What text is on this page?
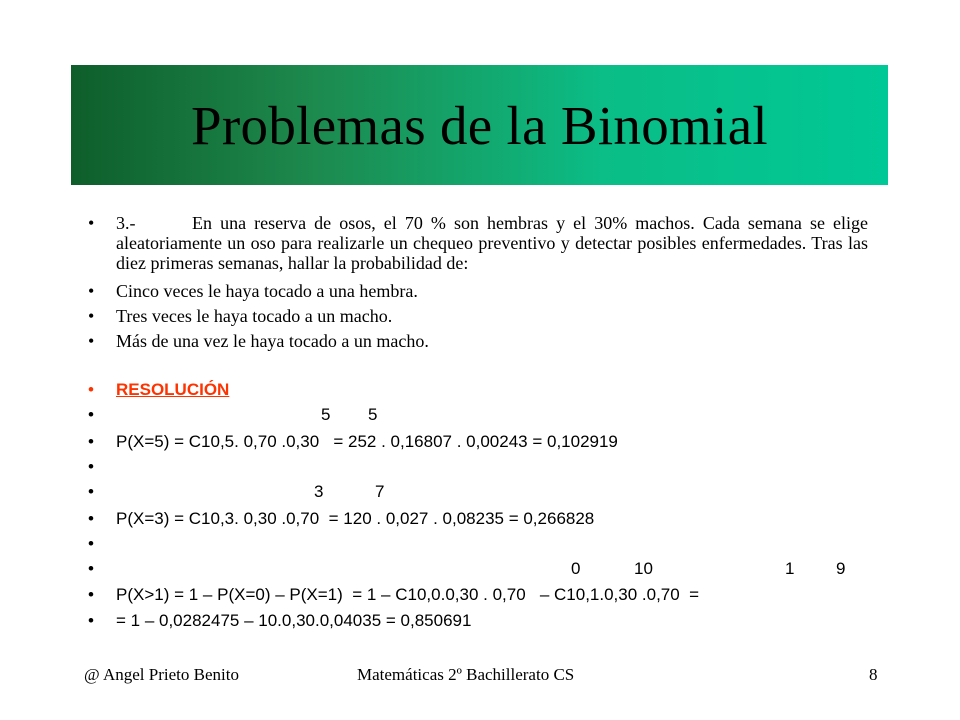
Problemas de la Binomial
• 3.-	En una reserva de osos, el 70 % son hembras y el 30% machos. Cada semana se elige aleatoriamente un oso para realizarle un chequeo preventivo y detectar posibles enfermedades. Tras las diez primeras semanas, hallar la probabilidad de:
• Cinco veces le haya tocado a una hembra.
• Tres veces le haya tocado a un macho.
• Más de una vez le haya tocado a un macho.
• RESOLUCIÓN
•	5 5
• P(X=5) = C10,5. 0,70 .0,30   = 252 . 0,16807 . 0,00243 = 0,102919
•
•	3	7
• P(X=3) = C10,3. 0,30 .0,70  = 120 . 0,027 . 0,08235 = 0,266828
•
•	0	10	1 9
• P(X>1) = 1 – P(X=0) – P(X=1)  = 1 – C10,0.0,30 . 0,70   – C10,1.0,30 .0,70  =
• = 1 – 0,0282475 – 10.0,30.0,04035 = 0,850691
@ Angel Prieto Benito	Matemáticas 2º Bachillerato CS	8
